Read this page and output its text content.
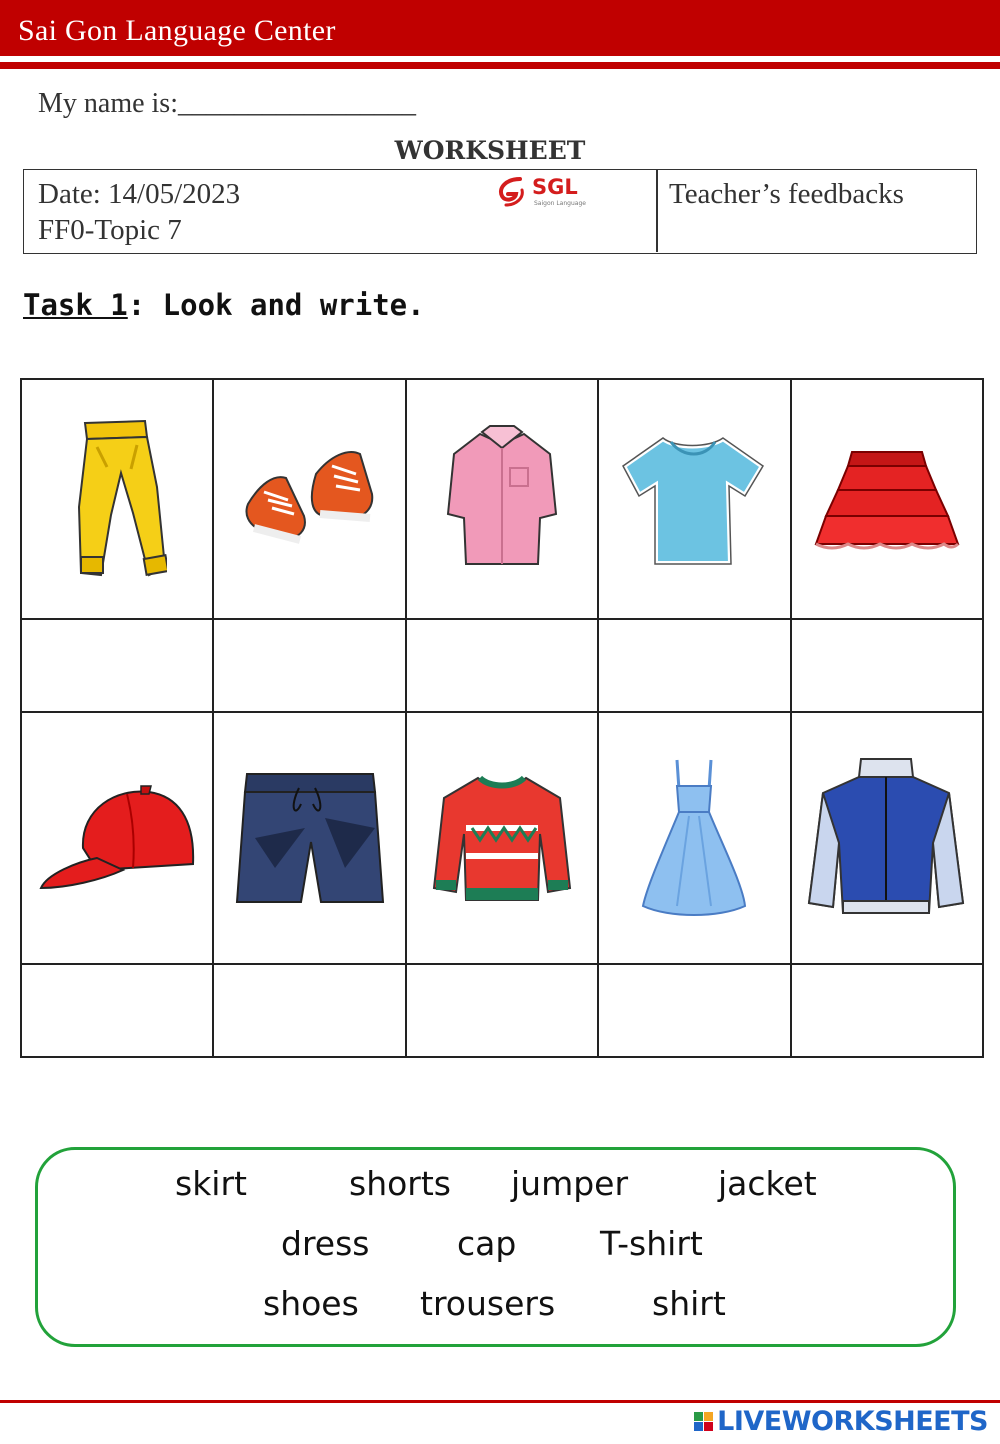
Sai Gon Language Center
My name is:_________________
WORKSHEET
Date: 14/05/2023
FF0-Topic 7
SGL
Saigon Language	Teacher’s feedbacks
Task 1: Look and write.

skirt	shorts jumper	jacket
dress	cap	T-shirt
shoes trousers	shirt
LIVEWORKSHEETS
